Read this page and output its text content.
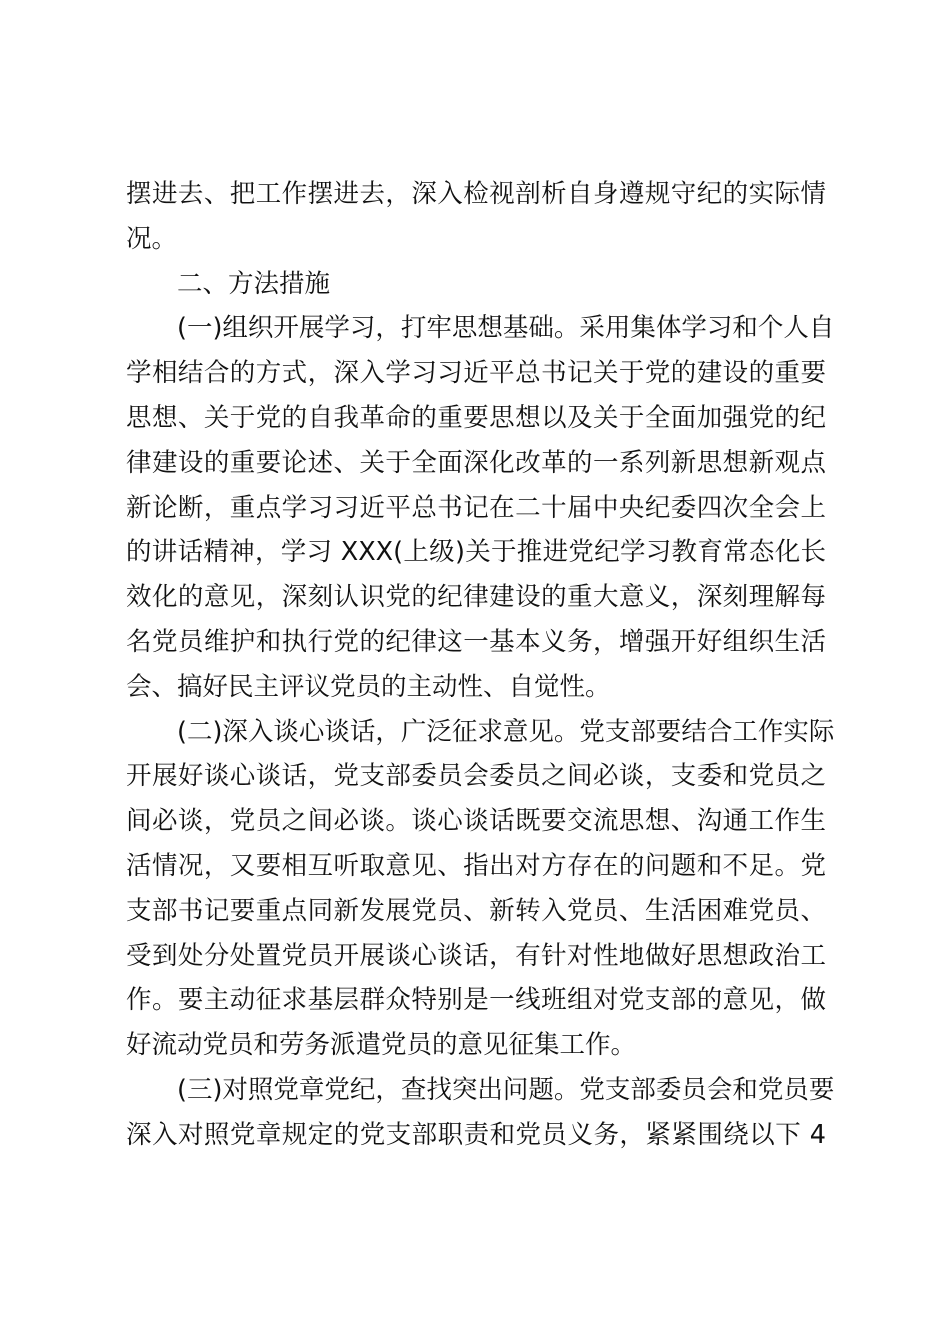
摆进去、把工作摆进去，深入检视剖析自身遵规守纪的实际情
况。
二、方法措施
(一)组织开展学习，打牢思想基础。采用集体学习和个人自
学相结合的方式，深入学习习近平总书记关于党的建设的重要
思想、关于党的自我革命的重要思想以及关于全面加强党的纪
律建设的重要论述、关于全面深化改革的一系列新思想新观点
新论断，重点学习习近平总书记在二十届中央纪委四次全会上
的讲话精神，学习 XXX(上级)关于推进党纪学习教育常态化长
效化的意见，深刻认识党的纪律建设的重大意义，深刻理解每
名党员维护和执行党的纪律这一基本义务，增强开好组织生活
会、搞好民主评议党员的主动性、自觉性。
(二)深入谈心谈话，广泛征求意见。党支部要结合工作实际
开展好谈心谈话，党支部委员会委员之间必谈，支委和党员之
间必谈，党员之间必谈。谈心谈话既要交流思想、沟通工作生
活情况，又要相互听取意见、指出对方存在的问题和不足。党
支部书记要重点同新发展党员、新转入党员、生活困难党员、
受到处分处置党员开展谈心谈话，有针对性地做好思想政治工
作。要主动征求基层群众特别是一线班组对党支部的意见，做
好流动党员和劳务派遣党员的意见征集工作。
(三)对照党章党纪，查找突出问题。党支部委员会和党员要
深入对照党章规定的党支部职责和党员义务，紧紧围绕以下 4
